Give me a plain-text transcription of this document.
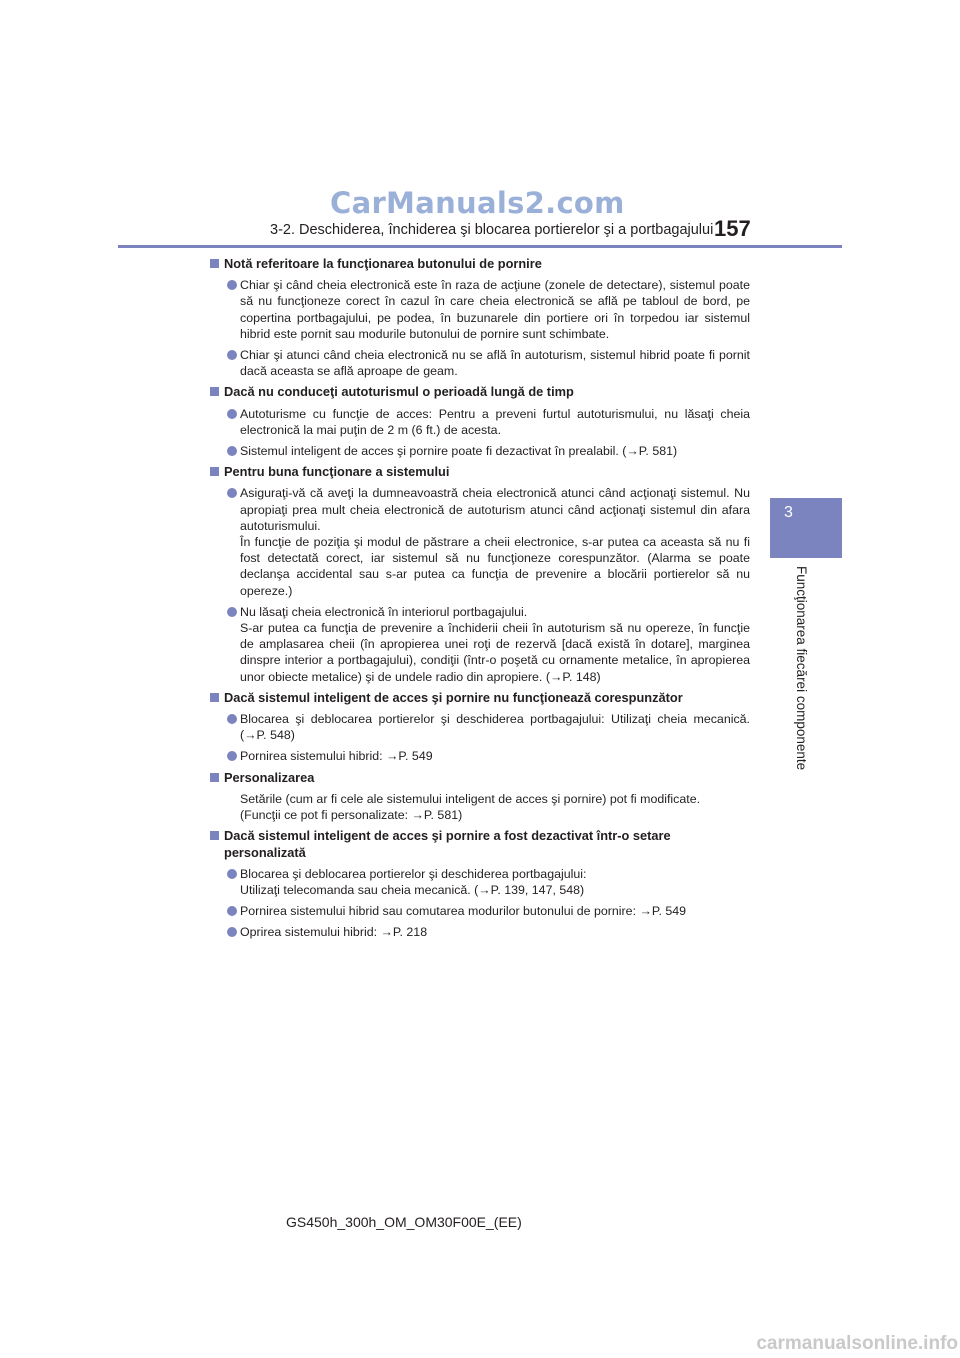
CarManuals2.com
3-2. Deschiderea, închiderea şi blocarea portierelor şi a portbagajului 157
3
Funcţionarea fiecărei componente
Notă referitoare la funcţionarea butonului de pornire
Chiar şi când cheia electronică este în raza de acţiune (zonele de detectare), sistemul poate să nu funcţioneze corect în cazul în care cheia electronică se află pe tabloul de bord, pe copertina portbagajului, pe podea, în buzunarele din portiere ori în torpedou iar sistemul hibrid este pornit sau modurile butonului de pornire sunt schimbate.
Chiar şi atunci când cheia electronică nu se află în autoturism, sistemul hibrid poate fi pornit dacă aceasta se află aproape de geam.
Dacă nu conduceţi autoturismul o perioadă lungă de timp
Autoturisme cu funcţie de acces: Pentru a preveni furtul autoturismului, nu lăsaţi cheia electronică la mai puţin de 2 m (6 ft.) de acesta.
Sistemul inteligent de acces şi pornire poate fi dezactivat în prealabil. (→P. 581)
Pentru buna funcţionare a sistemului
Asiguraţi-vă că aveţi la dumneavoastră cheia electronică atunci când acţionaţi sistemul. Nu apropiaţi prea mult cheia electronică de autoturism atunci când acţionaţi sistemul din afara autoturismului.
În funcţie de poziţia şi modul de păstrare a cheii electronice, s-ar putea ca aceasta să nu fi fost detectată corect, iar sistemul să nu funcţioneze corespunzător. (Alarma se poate declanşa accidental sau s-ar putea ca funcţia de prevenire a blocării portierelor să nu opereze.)
Nu lăsaţi cheia electronică în interiorul portbagajului.
S-ar putea ca funcţia de prevenire a închiderii cheii în autoturism să nu opereze, în funcţie de amplasarea cheii (în apropierea unei roţi de rezervă [dacă există în dotare], marginea dinspre interior a portbagajului), condiţii (într-o poşetă cu ornamente metalice, în apropierea unor obiecte metalice) şi de undele radio din apropiere. (→P. 148)
Dacă sistemul inteligent de acces şi pornire nu funcţionează corespunzător
Blocarea şi deblocarea portierelor şi deschiderea portbagajului: Utilizaţi cheia mecanică. (→P. 548)
Pornirea sistemului hibrid: →P. 549
Personalizarea
Setările (cum ar fi cele ale sistemului inteligent de acces şi pornire) pot fi modificate.
(Funcţii ce pot fi personalizate: →P. 581)
Dacă sistemul inteligent de acces şi pornire a fost dezactivat într-o setare personalizată
Blocarea şi deblocarea portierelor şi deschiderea portbagajului:
Utilizaţi telecomanda sau cheia mecanică. (→P. 139, 147, 548)
Pornirea sistemului hibrid sau comutarea modurilor butonului de pornire: →P. 549
Oprirea sistemului hibrid: →P. 218
GS450h_300h_OM_OM30F00E_(EE)
carmanualsonline.info
